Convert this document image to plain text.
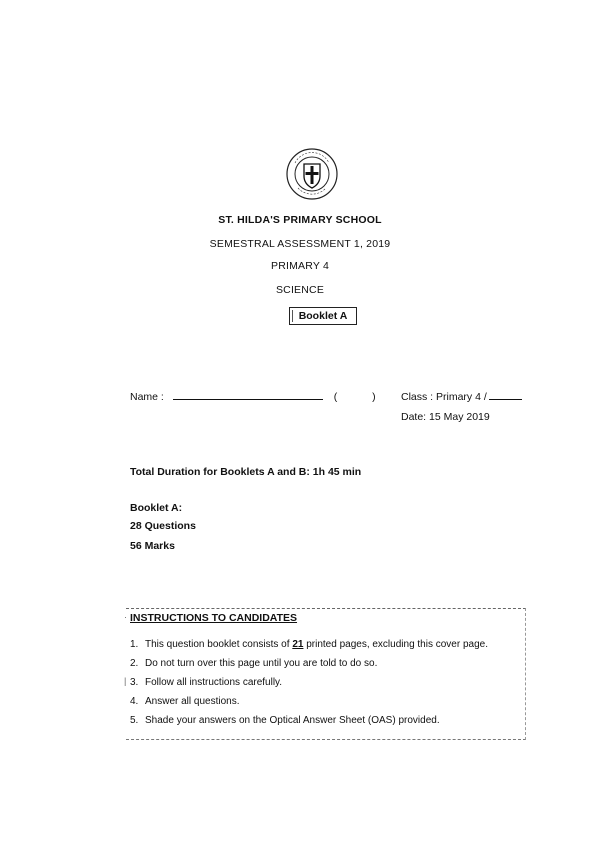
ST. HILDA'S PRIMARY SCHOOL
SEMESTRAL ASSESSMENT 1, 2019
PRIMARY 4
SCIENCE
Booklet A
Name :	( ) Class : Primary 4 /
Date: 15 May 2019
Total Duration for Booklets A and B: 1h 45 min
Booklet A:
28 Questions
56 Marks
·
|
INSTRUCTIONS TO CANDIDATES
1. This question booklet consists of 21 printed pages, excluding this cover page.
2. Do not turn over this page until you are told to do so.
3. Follow all instructions carefully.
4. Answer all questions.
5. Shade your answers on the Optical Answer Sheet (OAS) provided.
